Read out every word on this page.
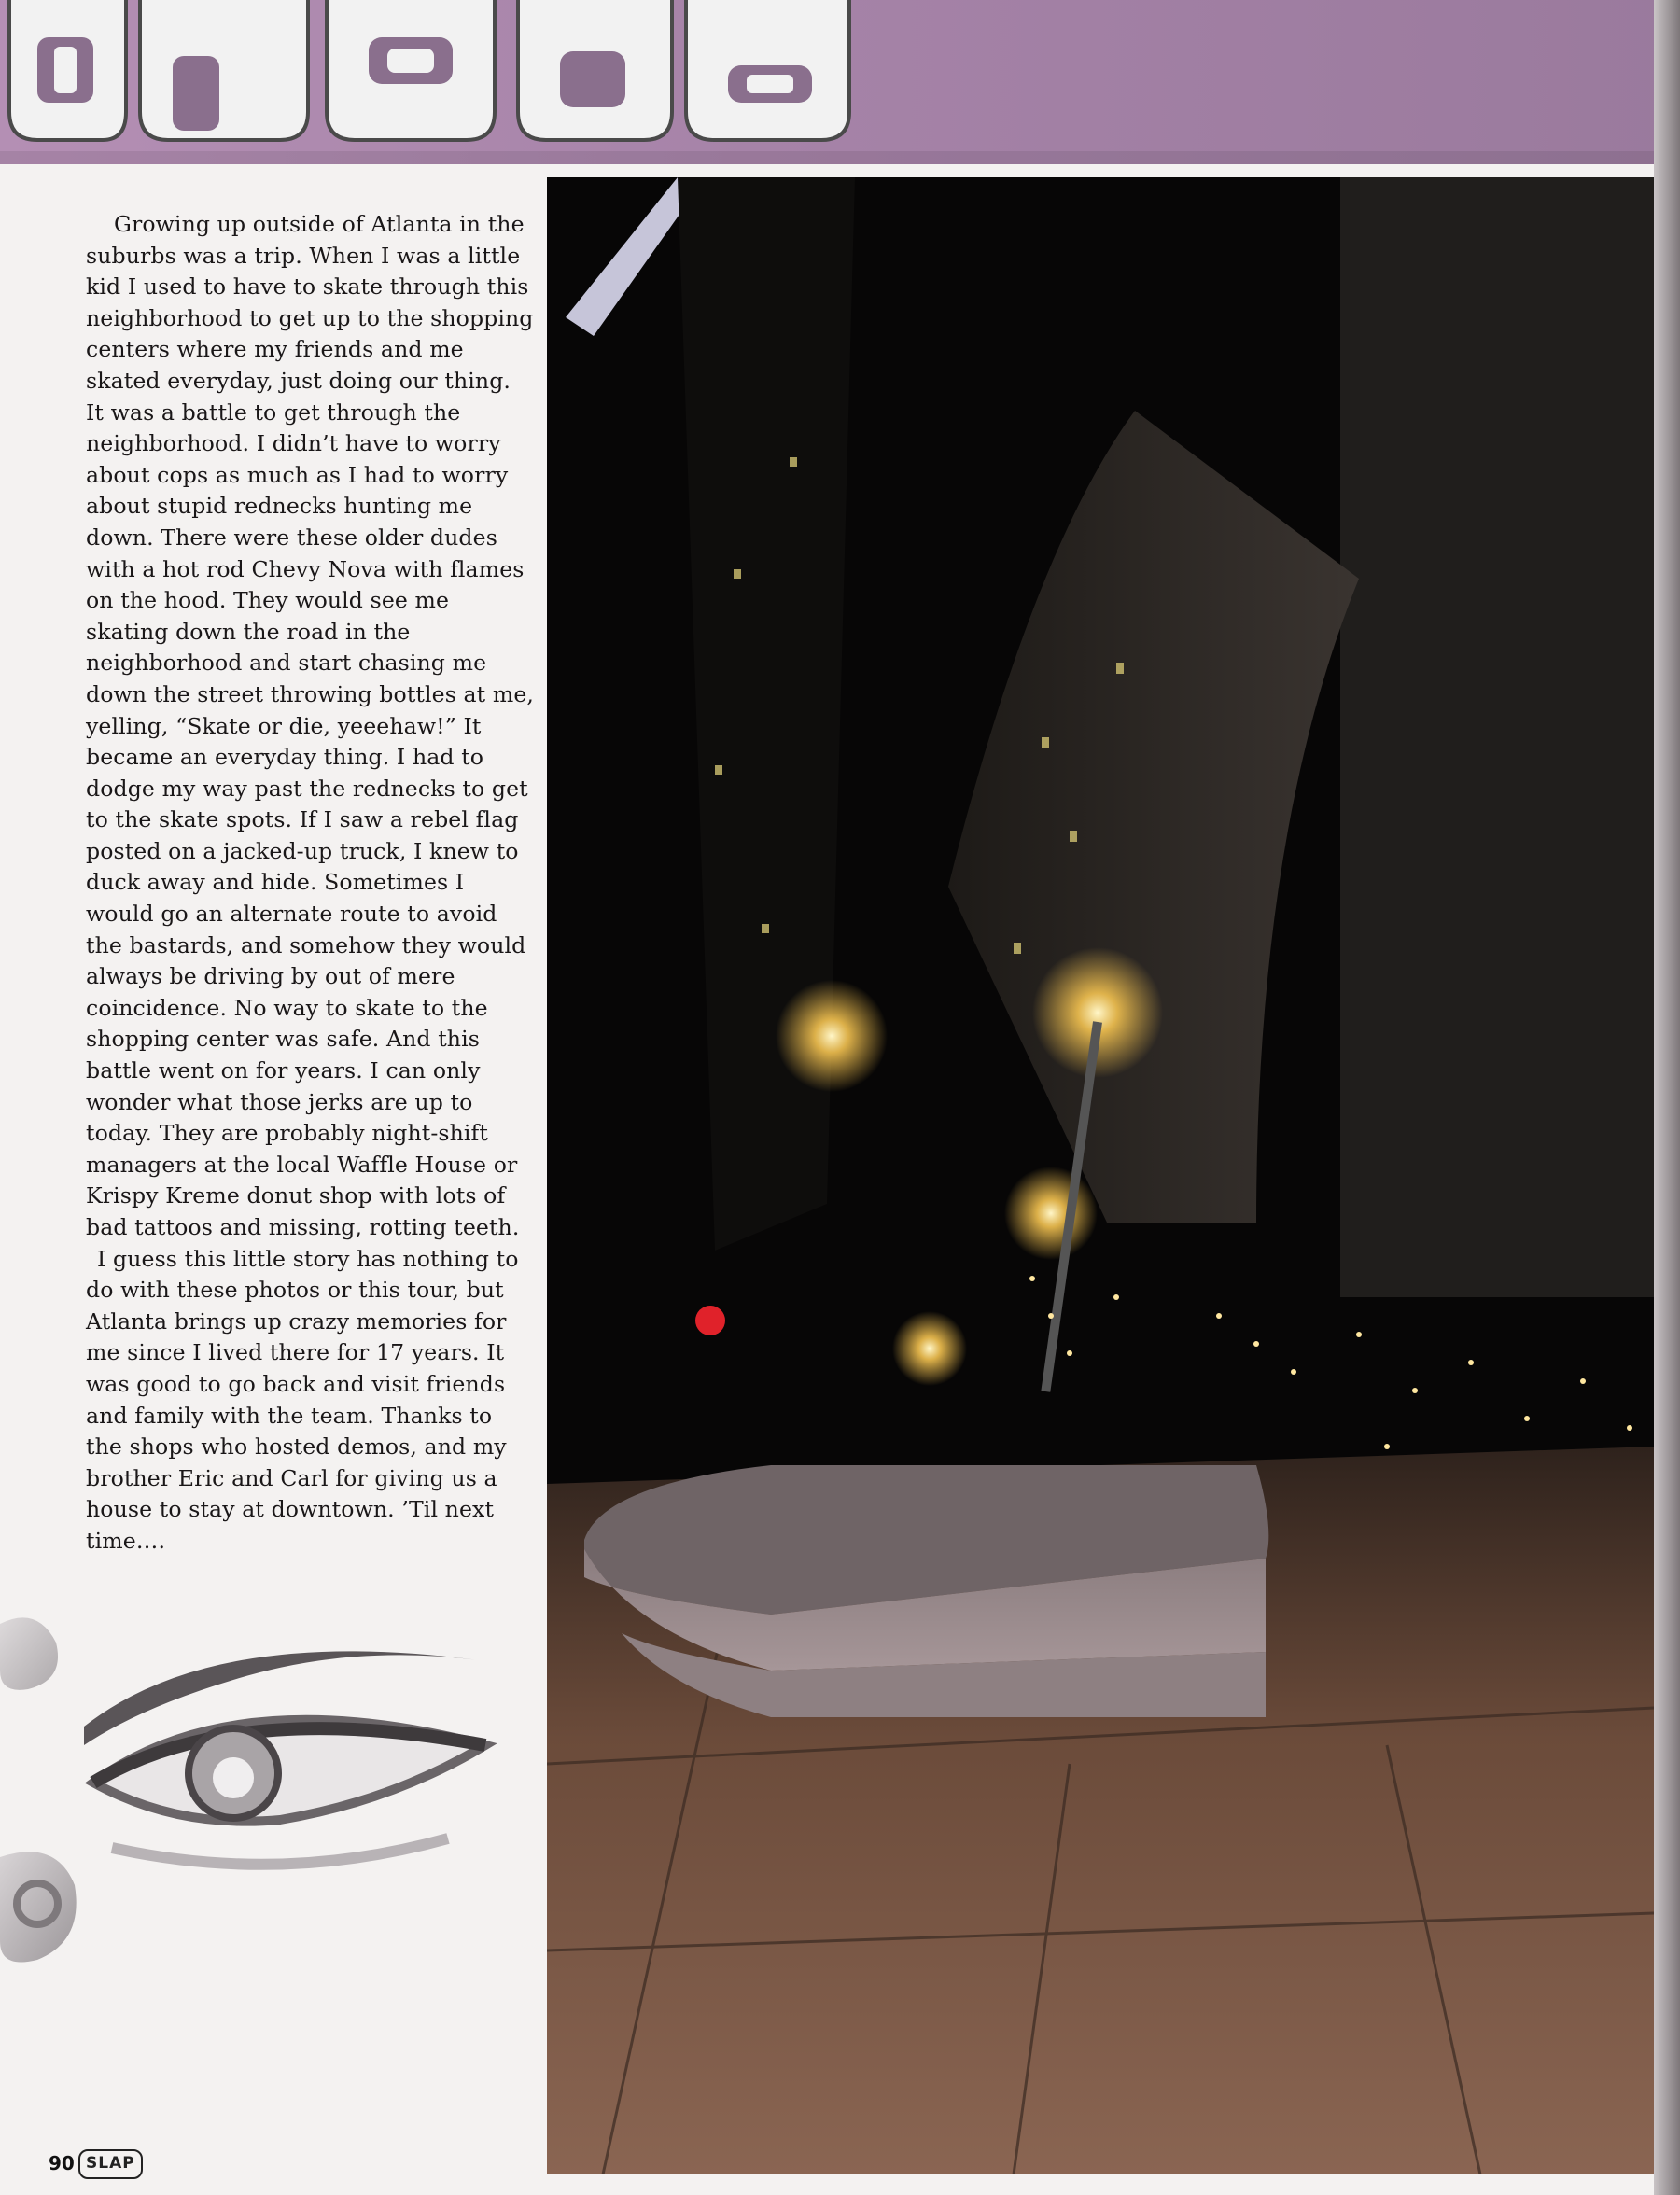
Growing up outside of Atlanta in the suburbs was a trip. When I was a little kid I used to have to skate through this neighborhood to get up to the shopping centers where my friends and me skated everyday, just doing our thing. It was a battle to get through the neighborhood. I didn’t have to worry about cops as much as I had to worry about stupid rednecks hunting me down. There were these older dudes with a hot rod Chevy Nova with flames on the hood. They would see me skating down the road in the neighborhood and start chasing me down the street throwing bottles at me, yelling, “Skate or die, yeeehaw!” It became an everyday thing. I had to dodge my way past the rednecks to get to the skate spots. If I saw a rebel flag posted on a jacked-up truck, I knew to duck away and hide. Sometimes I would go an alternate route to avoid the bastards, and somehow they would always be driving by out of mere coincidence. No way to skate to the shopping center was safe. And this battle went on for years. I can only wonder what those jerks are up to today. They are probably night-shift managers at the local Waffle House or Krispy Kreme donut shop with lots of bad tattoos and missing, rotting teeth.

I guess this little story has nothing to do with these photos or this tour, but Atlanta brings up crazy memories for me since I lived there for 17 years. It was good to go back and visit friends and family with the team. Thanks to the shops who hosted demos, and my brother Eric and Carl for giving us a house to stay at downtown. ’Til next time….

90 SLAP
